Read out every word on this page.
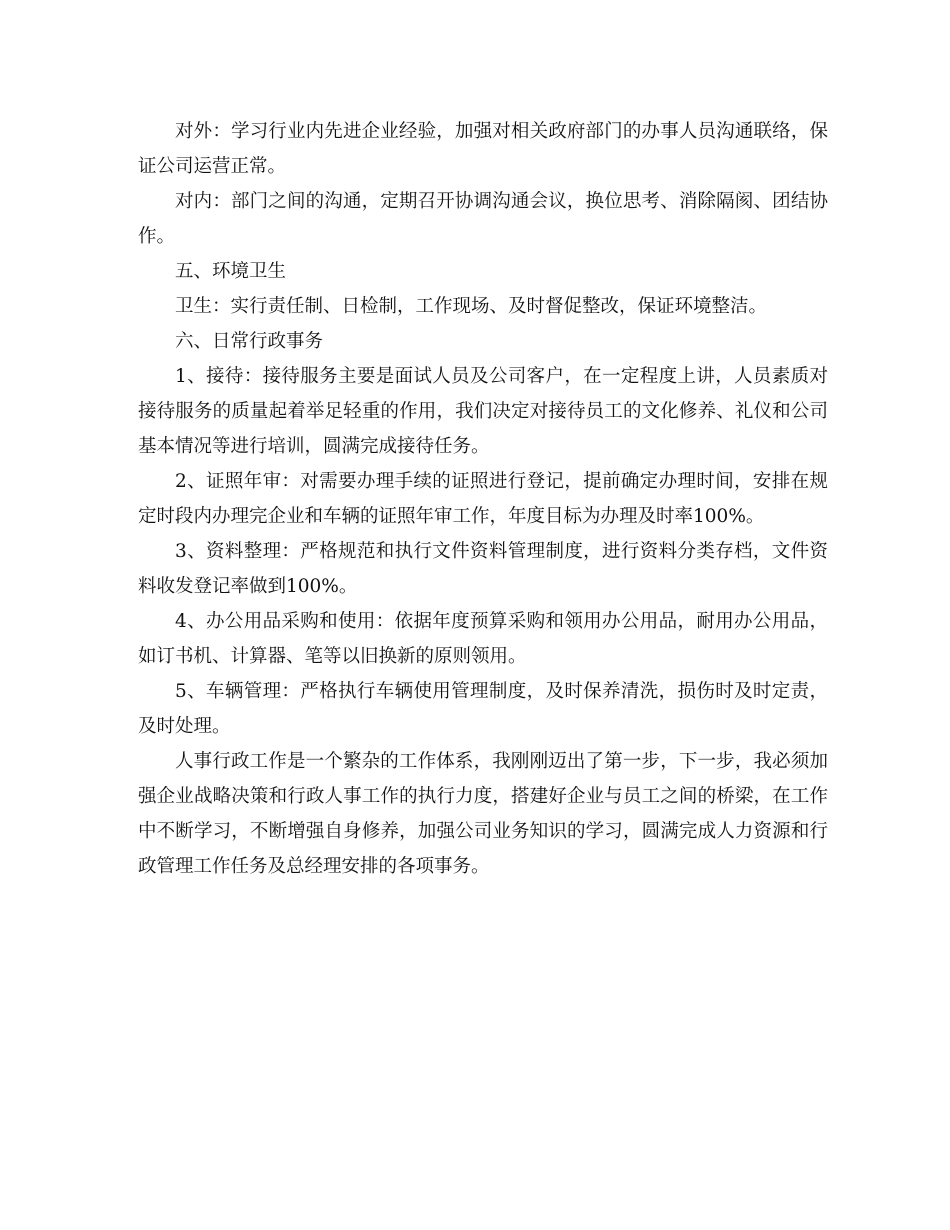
对外：学习行业内先进企业经验，加强对相关政府部门的办事人员沟通联络，保证公司运营正常。

对内：部门之间的沟通，定期召开协调沟通会议，换位思考、消除隔阂、团结协作。

五、环境卫生

卫生：实行责任制、日检制，工作现场、及时督促整改，保证环境整洁。

六、日常行政事务

1、接待：接待服务主要是面试人员及公司客户，在一定程度上讲，人员素质对接待服务的质量起着举足轻重的作用，我们决定对接待员工的文化修养、礼仪和公司基本情况等进行培训，圆满完成接待任务。

2、证照年审：对需要办理手续的证照进行登记，提前确定办理时间，安排在规定时段内办理完企业和车辆的证照年审工作，年度目标为办理及时率100%。

3、资料整理：严格规范和执行文件资料管理制度，进行资料分类存档，文件资料收发登记率做到100%。

4、办公用品采购和使用：依据年度预算采购和领用办公用品，耐用办公用品，如订书机、计算器、笔等以旧换新的原则领用。

5、车辆管理：严格执行车辆使用管理制度，及时保养清洗，损伤时及时定责，及时处理。

人事行政工作是一个繁杂的工作体系，我刚刚迈出了第一步，下一步，我必须加强企业战略决策和行政人事工作的执行力度，搭建好企业与员工之间的桥梁，在工作中不断学习，不断增强自身修养，加强公司业务知识的学习，圆满完成人力资源和行政管理工作任务及总经理安排的各项事务。
